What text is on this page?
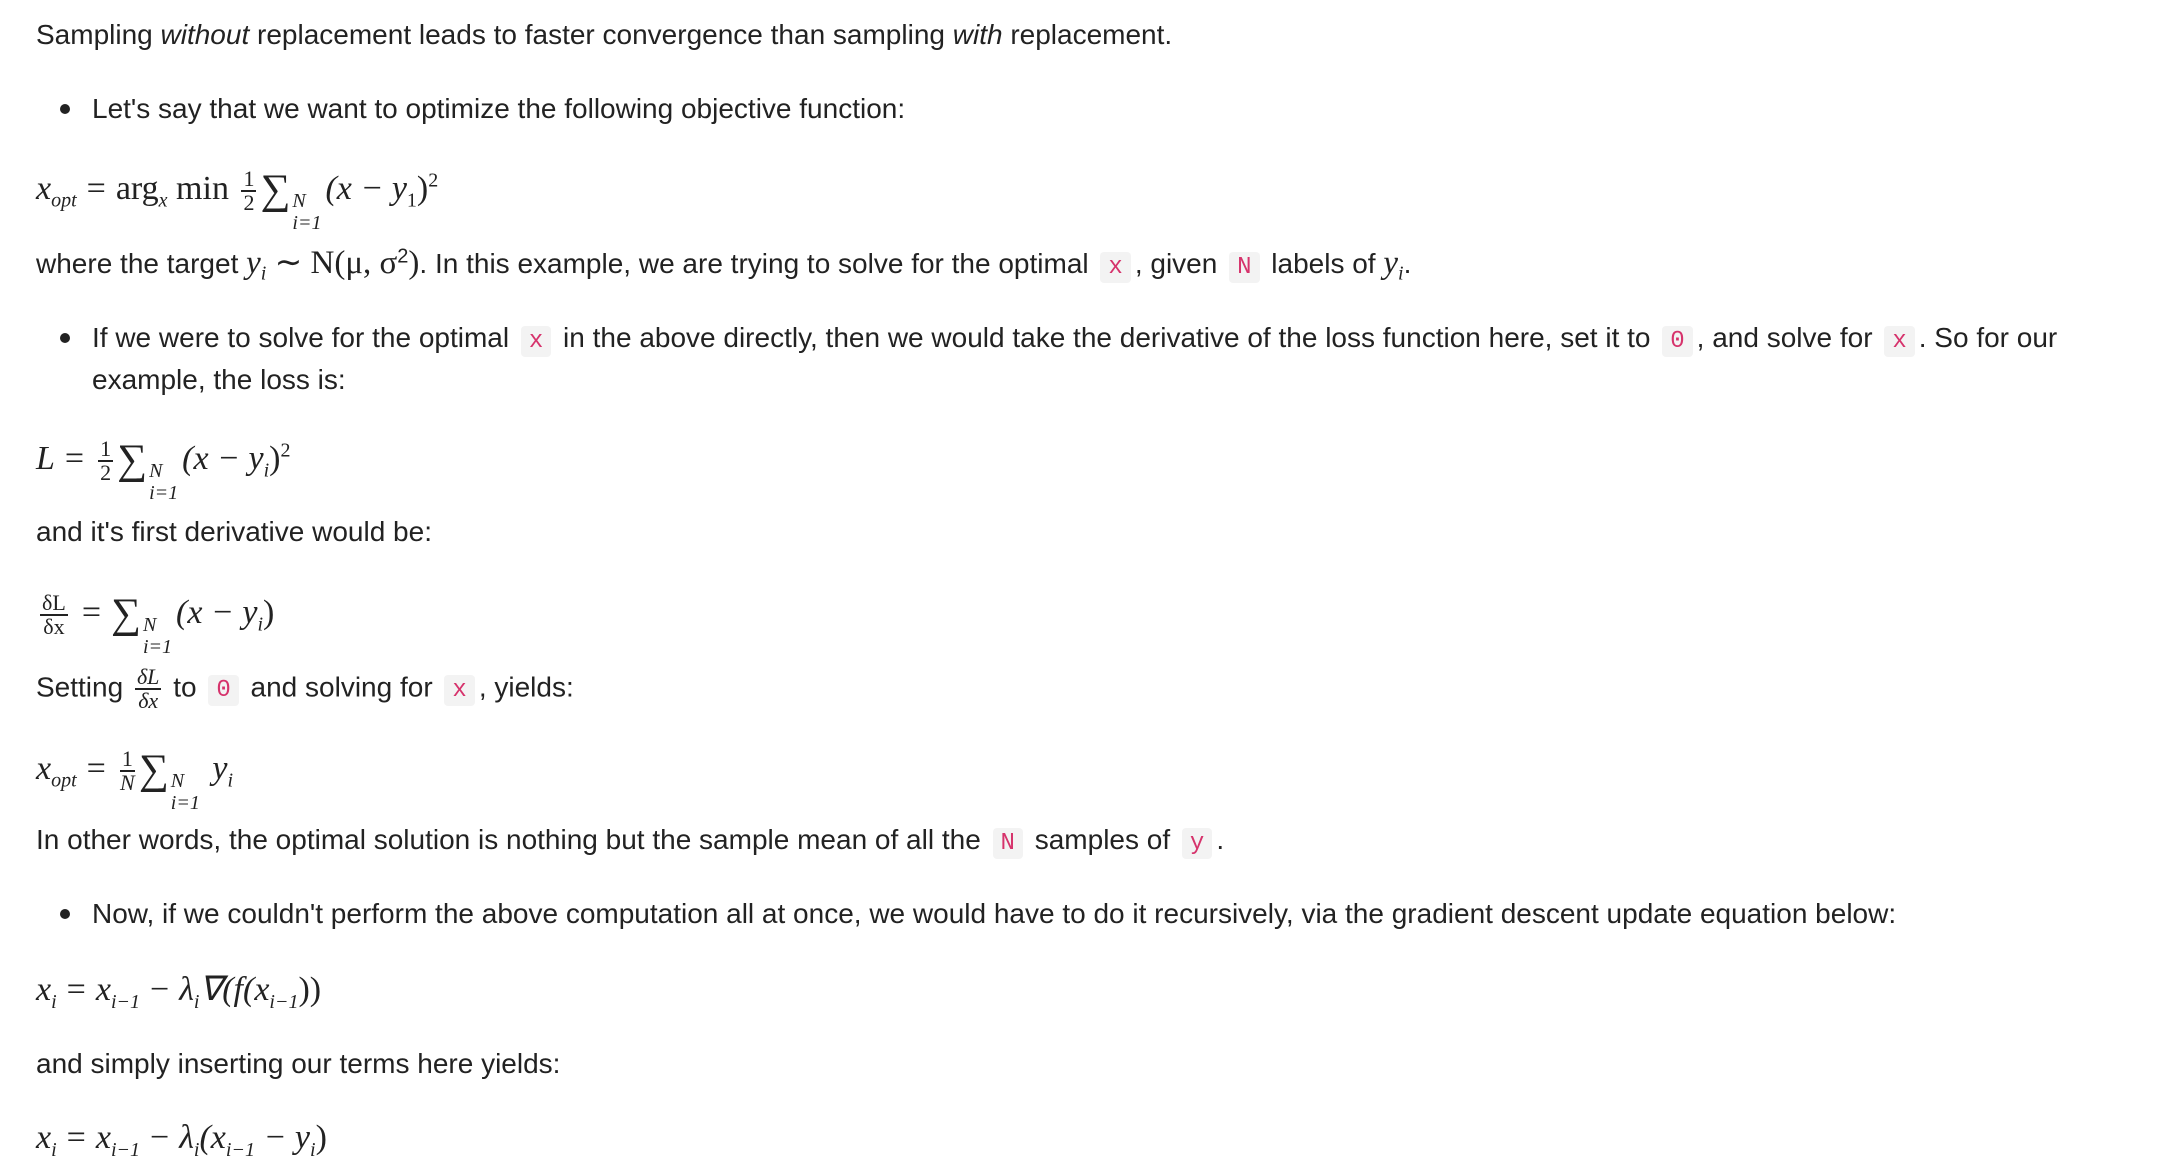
Sampling without replacement leads to faster convergence than sampling with replacement.
Let's say that we want to optimize the following objective function:
$x_{opt} = arg_x$ $\min \frac{1}{2}$ ∑ N
i=1
$(x - y_1)^2$
where the target $y_i$ ∼ N(μ, $\sigma^2$). In this example, we are trying to solve for the optimal x , given N labels of $y_i$.
If we were to solve for the optimal x in the above directly, then we would take the derivative of the loss function here, set it to 0 , and solve for x . So for our
example, the loss is:
$L = \frac{1}{2}$ ∑ N
i=1
$(x - y_i)^2$
and it's first derivative would be:
$\frac{\delta L}{\delta x}$ = ∑ N
i=1
$(x - y_i)$
Setting $\frac{\delta L}{\delta x}$ to 0 and solving for x , yields:
$x_{opt} = \frac{1}{N}$ ∑ N
i=1
$y_i$
In other words, the optimal solution is nothing but the sample mean of all the N samples of y .
Now, if we couldn't perform the above computation all at once, we would have to do it recursively, via the gradient descent update equation below:
$x_i = x_{i-1} - \lambda_i\nabla(f(x_{i-1}))$
and simply inserting our terms here yields:
$x_i = x_{i-1} - \lambda_i(x_{i-1} - y_i)$
